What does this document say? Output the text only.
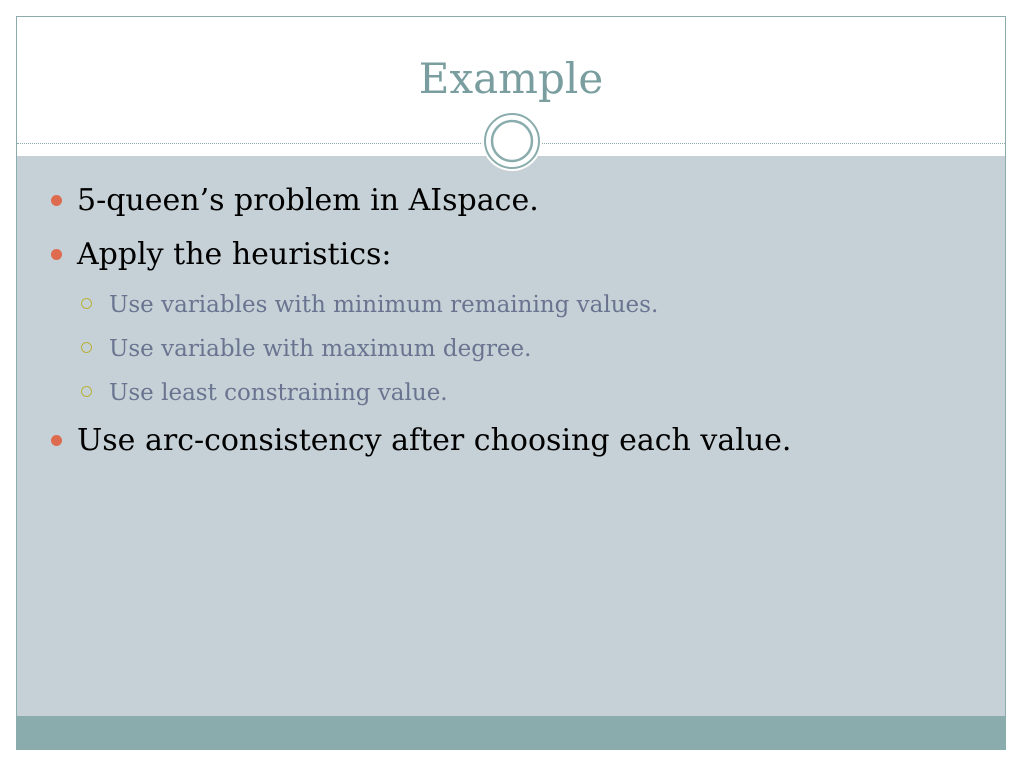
Example
5-queen’s problem in AIspace.
Apply the heuristics:
Use variables with minimum remaining values.
Use variable with maximum degree.
Use least constraining value.
Use arc-consistency after choosing each value.
